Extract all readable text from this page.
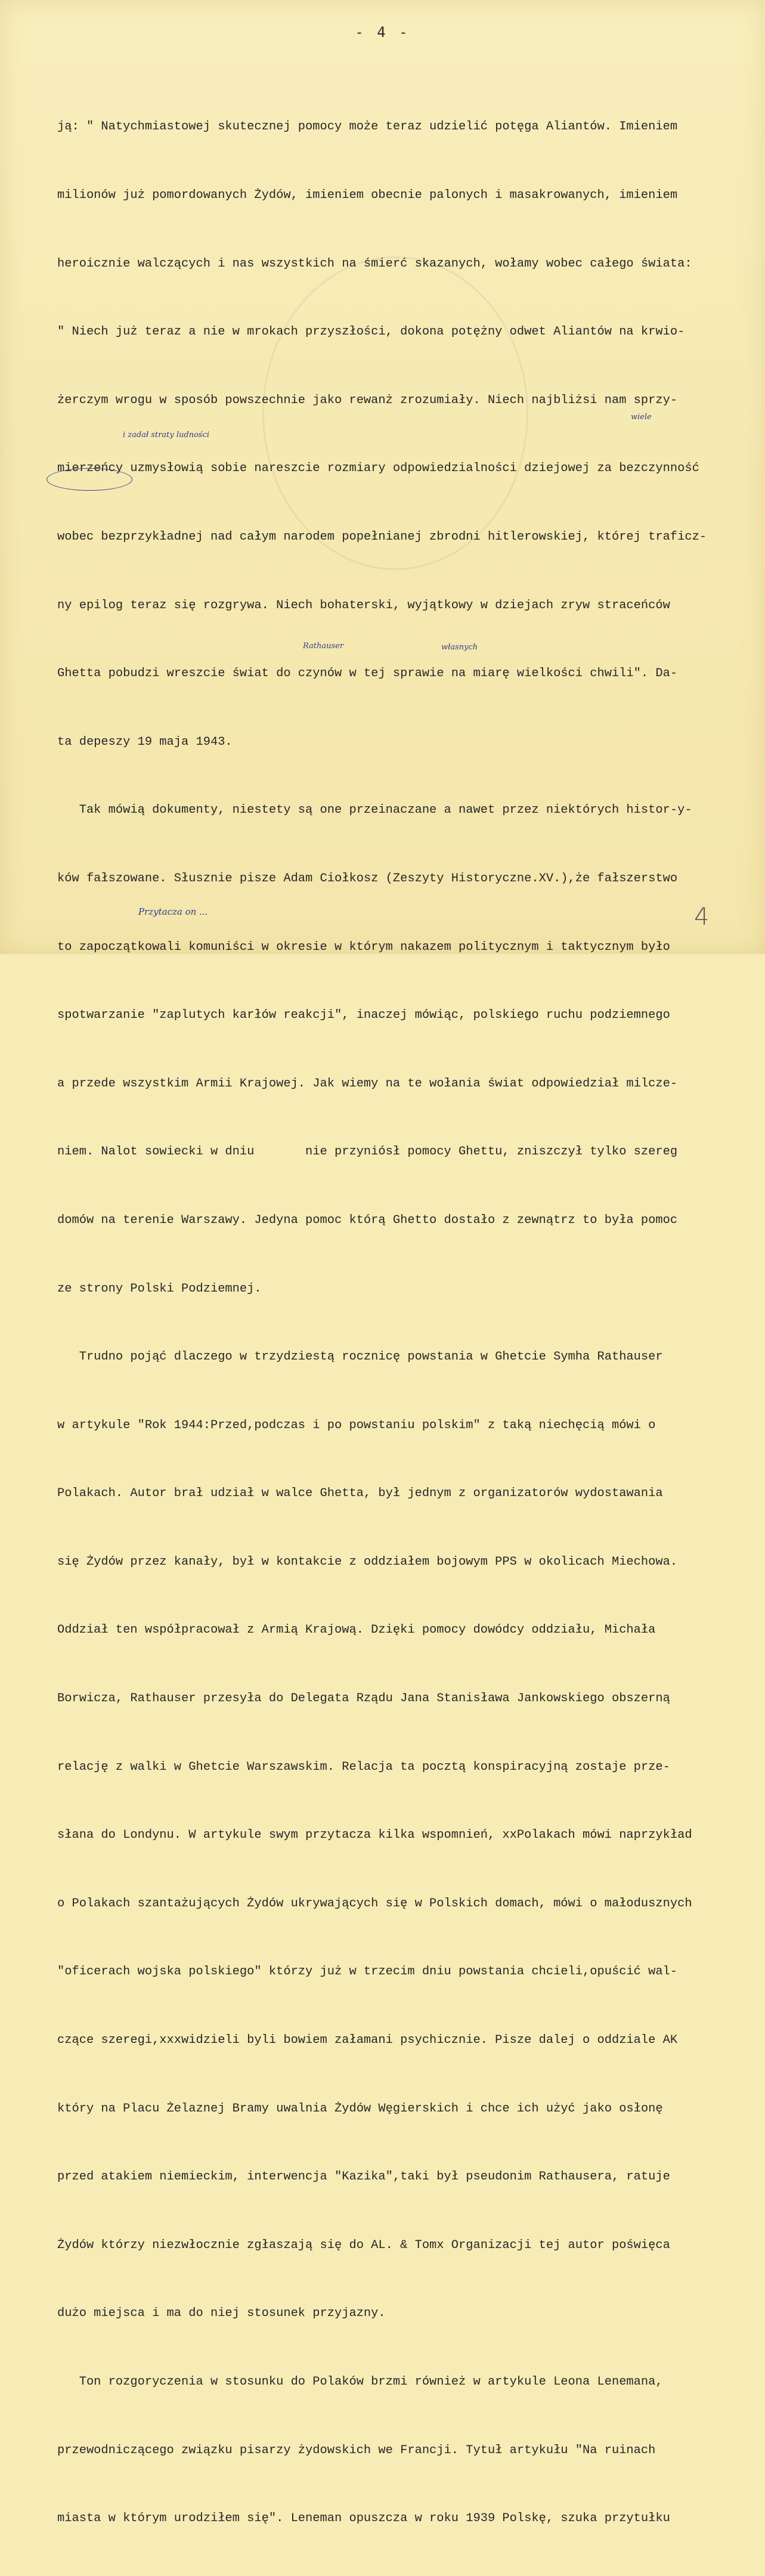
- 4 -

ją: " Natychmiastowej skutecznej pomocy może teraz udzielić potęga Aliantów. Imieniem

milionów już pomordowanych Żydów, imieniem obecnie palonych i masakrowanych, imieniem

heroicznie walczących i nas wszystkich na śmierć skazanych, wołamy wobec całego świata:

" Niech już teraz a nie w mrokach przyszłości, dokona potężny odwet Aliantów na krwio-

żerczym wrogu w sposób powszechnie jako rewanż zrozumiały. Niech najbliżsi nam sprzy-

mierzeńcy uzmysłowią sobie nareszcie rozmiary odpowiedzialności dziejowej za bezczynność

wobec bezprzykładnej nad całym narodem popełnianej zbrodni hitlerowskiej, której traficz-

ny epilog teraz się rozgrywa. Niech bohaterski, wyjątkowy w dziejach zryw straceńców

Ghetta pobudzi wreszcie świat do czynów w tej sprawie na miarę wielkości chwili". Da-

ta depeszy 19 maja 1943.

Tak mówią dokumenty, niestety są one przeinaczane a nawet przez niektórych histor-y-

ków fałszowane. Słusznie pisze Adam Ciołkosz (Zeszyty Historyczne.XV.),że fałszerstwo

to zapoczątkowali komuniści w okresie w którym nakazem politycznym i taktycznym było

spotwarzanie "zaplutych karłów reakcji", inaczej mówiąc, polskiego ruchu podziemnego

a przede wszystkim Armii Krajowej. Jak wiemy na te wołania świat odpowiedział milcze-

niem. Nalot sowiecki w dniu       nie przyniósł pomocy Ghettu, zniszczył tylko szereg

domów na terenie Warszawy. Jedyna pomoc którą Ghetto dostało z zewnątrz to była pomoc

ze strony Polski Podziemnej.

Trudno pojąć dlaczego w trzydziestą rocznicę powstania w Ghetcie Symha Rathauser

w artykule "Rok 1944:Przed,podczas i po powstaniu polskim" z taką niechęcią mówi o

Polakach. Autor brał udział w walce Ghetta, był jednym z organizatorów wydostawania

się Żydów przez kanały, był w kontakcie z oddziałem bojowym PPS w okolicach Miechowa.

Oddział ten współpracował z Armią Krajową. Dzięki pomocy dowódcy oddziału, Michała

Borwicza, Rathauser przesyła do Delegata Rządu Jana Stanisława Jankowskiego obszerną

relację z walki w Ghetcie Warszawskim. Relacja ta pocztą konspiracyjną zostaje prze-

słana do Londynu. W artykule swym przytacza kilka wspomnień, xxPolakach mówi naprzykład

o Polakach szantażujących Żydów ukrywających się w Polskich domach, mówi o małodusznych

"oficerach wojska polskiego" którzy już w trzecim dniu powstania chcieli,opuścić wal-

czące szeregi,xxxwidzieli byli bowiem załamani psychicznie. Pisze dalej o oddziale AK

który na Placu Żelaznej Bramy uwalnia Żydów Węgierskich i chce ich użyć jako osłonę

przed atakiem niemieckim, interwencja "Kazika",taki był pseudonim Rathausera, ratuje

Żydów którzy niezwłocznie zgłaszają się do AL. & Tomx Organizacji tej autor poświęca

dużo miejsca i ma do niej stosunek przyjazny.

Ton rozgoryczenia w stosunku do Polaków brzmi również w artykule Leona Lenemana,

przewodniczącego związku pisarzy żydowskich we Francji. Tytuł artykułu "Na ruinach

miasta w którym urodziłem się". Leneman opuszcza w roku 1939 Polskę, szuka przytułku

wiele
i zadał straty ludności
Rathauser	własnych
Przytacza on ...	4
